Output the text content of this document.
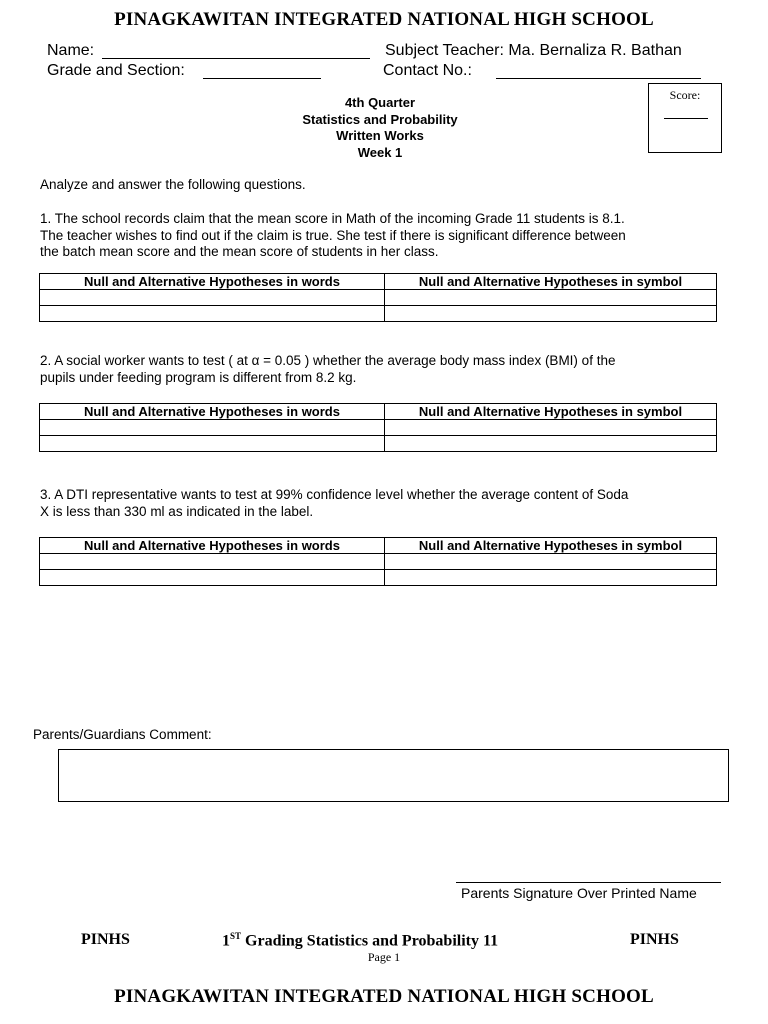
PINAGKAWITAN INTEGRATED NATIONAL HIGH SCHOOL
Name:	Subject Teacher: Ma. Bernaliza R. Bathan
Grade and Section:	Contact No.:
4th Quarter
Statistics and Probability
Written Works
Week 1
Score:
Analyze and answer the following questions.
1. The school records claim that the mean score in Math of the incoming Grade 11 students is 8.1.
The teacher wishes to find out if the claim is true. She test if there is significant difference between
the batch mean score and the mean score of students in her class.
Null and Alternative Hypotheses in words	Null and Alternative Hypotheses in symbol

2. A social worker wants to test ( at α = 0.05 ) whether the average body mass index (BMI) of the
pupils under feeding program is different from 8.2 kg.
Null and Alternative Hypotheses in words	Null and Alternative Hypotheses in symbol

3. A DTI representative wants to test at 99% confidence level whether the average content of Soda
X is less than 330 ml as indicated in the label.
Null and Alternative Hypotheses in words	Null and Alternative Hypotheses in symbol

Parents/Guardians Comment:
Parents Signature Over Printed Name
PINHS	1ST Grading Statistics and Probability 11	PINHS
Page 1
PINAGKAWITAN INTEGRATED NATIONAL HIGH SCHOOL
